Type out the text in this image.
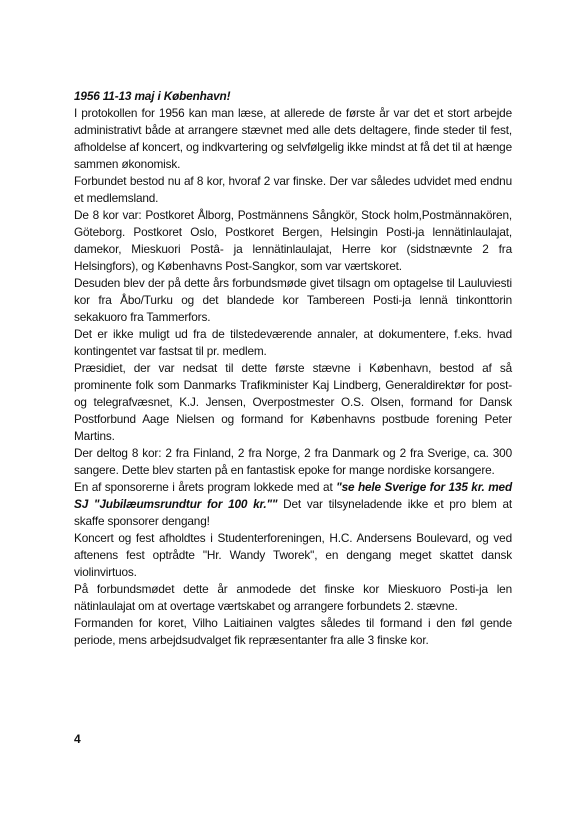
1956 11-13 maj i København!

I protokollen for 1956 kan man læse, at allerede de første år var det et stort arbejde administrativt både at arrangere stævnet med alle dets deltagere, finde steder til fest, afholdelse af koncert, og indkvartering og selvfølgelig ikke mindst at få det til at hænge sammen økonomisk.

Forbundet bestod nu af 8 kor, hvoraf 2 var finske. Der var således udvidet med endnu et medlemsland.

De 8 kor var: Postkoret Ålborg, Postmännens Sångkör, Stock holm,Postmännakören, Göteborg. Postkoret Oslo, Postkoret Bergen, Helsingin Posti-ja lennätinlaulajat, damekor, Mieskuori Postâ- ja lennätinlaulajat, Herre kor (sidstnævnte 2 fra Helsingfors), og Københavns Post-Sangkor, som var værtskoret.

Desuden blev der på dette års forbundsmøde givet tilsagn om optagelse til Lauluviesti kor fra Åbo/Turku og det blandede kor Tambereen Posti-ja lennä tinkonttorin sekakuoro fra Tammerfors.

Det er ikke muligt ud fra de tilstedeværende annaler, at dokumentere, f.eks. hvad kontingentet var fastsat til pr. medlem.

Præsidiet, der var nedsat til dette første stævne i København, bestod af så prominente folk som Danmarks Trafikminister Kaj Lindberg, Generaldirektør for post- og telegrafvæsnet, K.J. Jensen, Overpostmester O.S. Olsen, formand for Dansk Postforbund Aage Nielsen og formand for Københavns postbude forening Peter Martins.

Der deltog 8 kor: 2 fra Finland, 2 fra Norge, 2 fra Danmark og 2 fra Sverige, ca. 300 sangere. Dette blev starten på en fantastisk epoke for mange nordiske korsangere.

En af sponsorerne i årets program lokkede med at "se hele Sverige for 135 kr. med SJ "Jubilæumsrundtur for 100 kr."" Det var tilsyneladende ikke et pro blem at skaffe sponsorer dengang!

Koncert og fest afholdtes i Studenterforeningen, H.C. Andersens Boulevard, og ved aftenens fest optrådte "Hr. Wandy Tworek", en dengang meget skattet dansk violinvirtuos.

På forbundsmødet dette år anmodede det finske kor Mieskuoro Posti-ja len nätinlaulajat om at overtage værtskabet og arrangere forbundets 2. stævne.

Formanden for koret, Vilho Laitiainen valgtes således til formand i den føl gende periode, mens arbejdsudvalget fik repræsentanter fra alle 3 finske kor.

4
